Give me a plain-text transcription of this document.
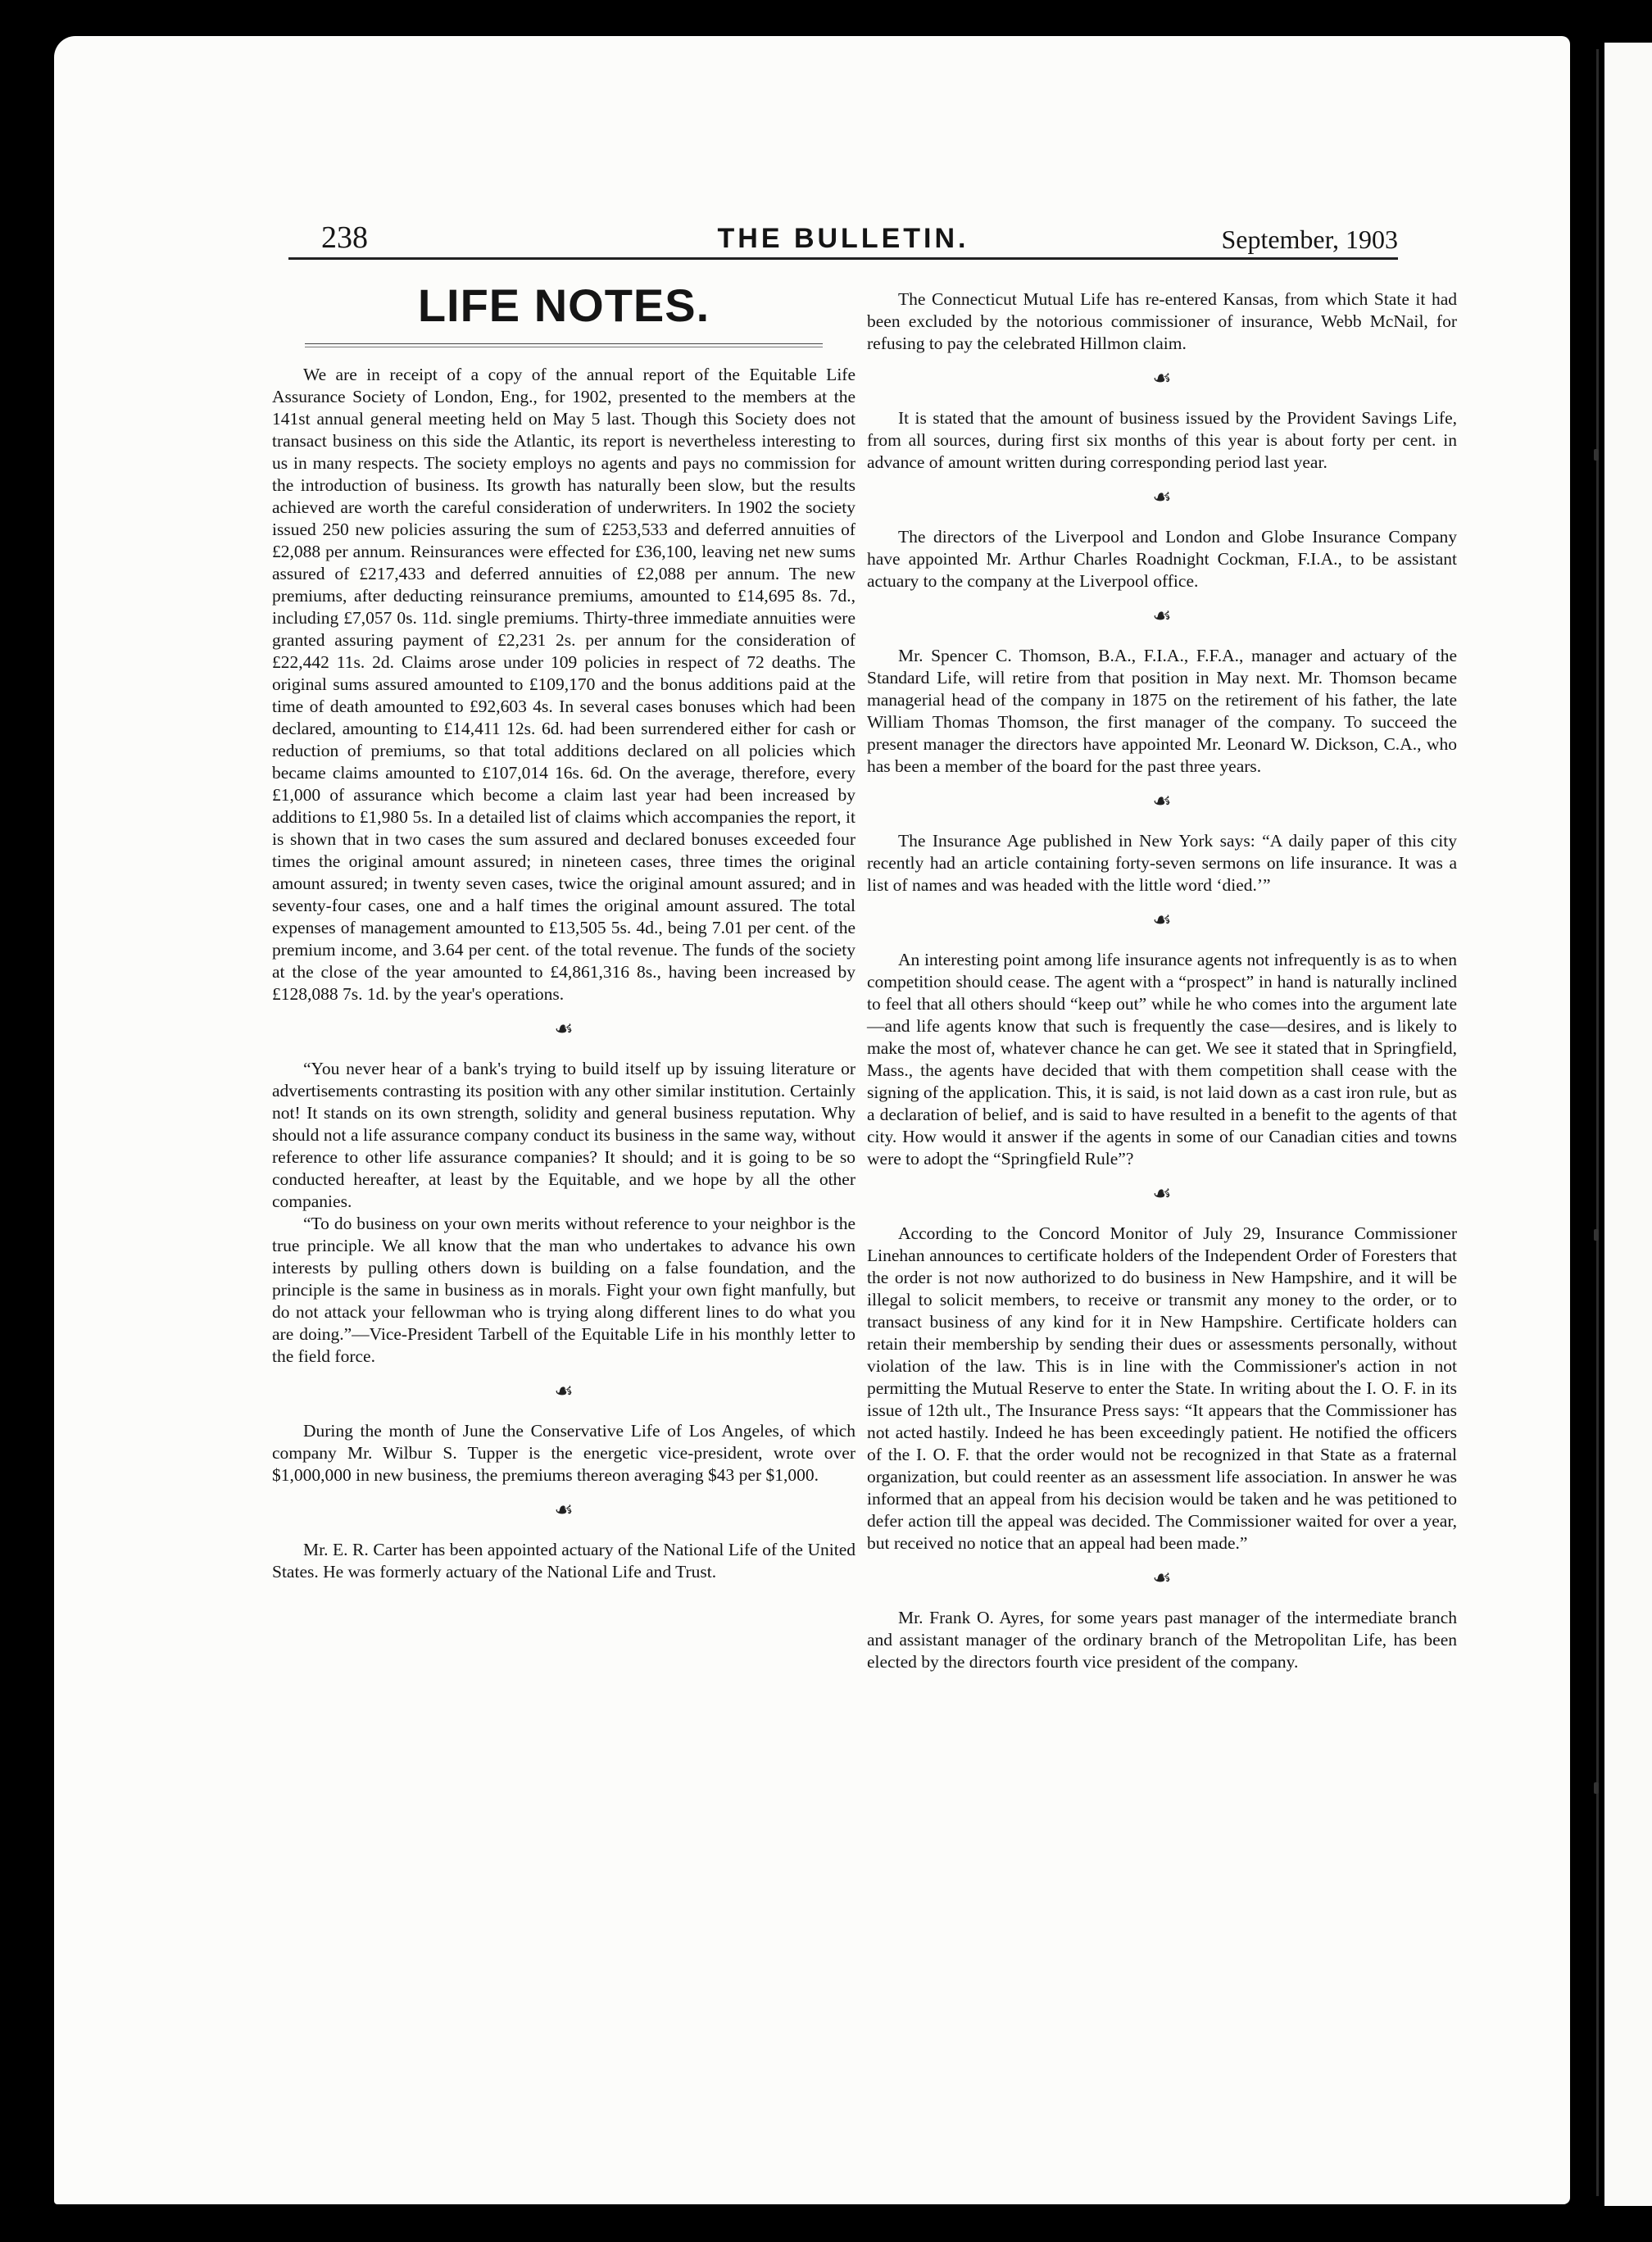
238	THE BULLETIN.	September, 1903
LIFE NOTES.

We are in receipt of a copy of the annual report of the Equitable Life Assurance Society of London, Eng., for 1902, presented to the members at the 141st annual general meeting held on May 5 last. Though this Society does not transact business on this side the Atlantic, its report is nevertheless interesting to us in many respects. The society employs no agents and pays no commission for the introduction of business. Its growth has naturally been slow, but the results achieved are worth the careful consideration of underwriters. In 1902 the society issued 250 new policies assuring the sum of £253,533 and deferred annuities of £2,088 per annum. Reinsurances were effected for £36,100, leaving net new sums assured of £217,433 and deferred annuities of £2,088 per annum. The new premiums, after deducting reinsurance premiums, amounted to £14,695 8s. 7d., including £7,057 0s. 11d. single premiums. Thirty-three immediate annuities were granted assuring payment of £2,231 2s. per annum for the consideration of £22,442 11s. 2d. Claims arose under 109 policies in respect of 72 deaths. The original sums assured amounted to £109,170 and the bonus additions paid at the time of death amounted to £92,603 4s. In several cases bonuses which had been declared, amounting to £14,411 12s. 6d. had been surrendered either for cash or reduction of premiums, so that total additions declared on all policies which became claims amounted to £107,014 16s. 6d. On the average, therefore, every £1,000 of assurance which become a claim last year had been increased by additions to £1,980 5s. In a detailed list of claims which accompanies the report, it is shown that in two cases the sum assured and declared bonuses exceeded four times the original amount assured; in nineteen cases, three times the original amount assured; in twenty seven cases, twice the original amount assured; and in seventy-four cases, one and a half times the original amount assured. The total expenses of management amounted to £13,505 5s. 4d., being 7.01 per cent. of the premium income, and 3.64 per cent. of the total revenue. The funds of the society at the close of the year amounted to £4,861,316 8s., having been increased by £128,088 7s. 1d. by the year's operations.

☙

“You never hear of a bank's trying to build itself up by issuing literature or advertisements contrasting its position with any other similar institution. Certainly not! It stands on its own strength, solidity and general business reputation. Why should not a life assurance company conduct its business in the same way, without reference to other life assurance companies? It should; and it is going to be so conducted hereafter, at least by the Equitable, and we hope by all the other companies.

“To do business on your own merits without reference to your neighbor is the true principle. We all know that the man who undertakes to advance his own interests by pulling others down is building on a false foundation, and the principle is the same in business as in morals. Fight your own fight manfully, but do not attack your fellowman who is trying along different lines to do what you are doing.”—Vice-President Tarbell of the Equitable Life in his monthly letter to the field force.

☙

During the month of June the Conservative Life of Los Angeles, of which company Mr. Wilbur S. Tupper is the energetic vice-president, wrote over $1,000,000 in new business, the premiums thereon averaging $43 per $1,000.

☙

Mr. E. R. Carter has been appointed actuary of the National Life of the United States. He was formerly actuary of the National Life and Trust.

The Connecticut Mutual Life has re-entered Kansas, from which State it had been excluded by the notorious commissioner of insurance, Webb McNail, for refusing to pay the celebrated Hillmon claim.

☙

It is stated that the amount of business issued by the Provident Savings Life, from all sources, during first six months of this year is about forty per cent. in advance of amount written during corresponding period last year.

☙

The directors of the Liverpool and London and Globe Insurance Company have appointed Mr. Arthur Charles Roadnight Cockman, F.I.A., to be assistant actuary to the company at the Liverpool office.

☙

Mr. Spencer C. Thomson, B.A., F.I.A., F.F.A., manager and actuary of the Standard Life, will retire from that position in May next. Mr. Thomson became managerial head of the company in 1875 on the retirement of his father, the late William Thomas Thomson, the first manager of the company. To succeed the present manager the directors have appointed Mr. Leonard W. Dickson, C.A., who has been a member of the board for the past three years.

☙

The Insurance Age published in New York says: “A daily paper of this city recently had an article containing forty-seven sermons on life insurance. It was a list of names and was headed with the little word ‘died.’”

☙

An interesting point among life insurance agents not infrequently is as to when competition should cease. The agent with a “prospect” in hand is naturally inclined to feel that all others should “keep out” while he who comes into the argument late—and life agents know that such is frequently the case—desires, and is likely to make the most of, whatever chance he can get. We see it stated that in Springfield, Mass., the agents have decided that with them competition shall cease with the signing of the application. This, it is said, is not laid down as a cast iron rule, but as a declaration of belief, and is said to have resulted in a benefit to the agents of that city. How would it answer if the agents in some of our Canadian cities and towns were to adopt the “Springfield Rule”?

☙

According to the Concord Monitor of July 29, Insurance Commissioner Linehan announces to certificate holders of the Independent Order of Foresters that the order is not now authorized to do business in New Hampshire, and it will be illegal to solicit members, to receive or transmit any money to the order, or to transact business of any kind for it in New Hampshire. Certificate holders can retain their membership by sending their dues or assessments personally, without violation of the law. This is in line with the Commissioner's action in not permitting the Mutual Reserve to enter the State. In writing about the I. O. F. in its issue of 12th ult., The Insurance Press says: “It appears that the Commissioner has not acted hastily. Indeed he has been exceedingly patient. He notified the officers of the I. O. F. that the order would not be recognized in that State as a fraternal organization, but could reenter as an assessment life association. In answer he was informed that an appeal from his decision would be taken and he was petitioned to defer action till the appeal was decided. The Commissioner waited for over a year, but received no notice that an appeal had been made.”

☙

Mr. Frank O. Ayres, for some years past manager of the intermediate branch and assistant manager of the ordinary branch of the Metropolitan Life, has been elected by the directors fourth vice president of the company.
